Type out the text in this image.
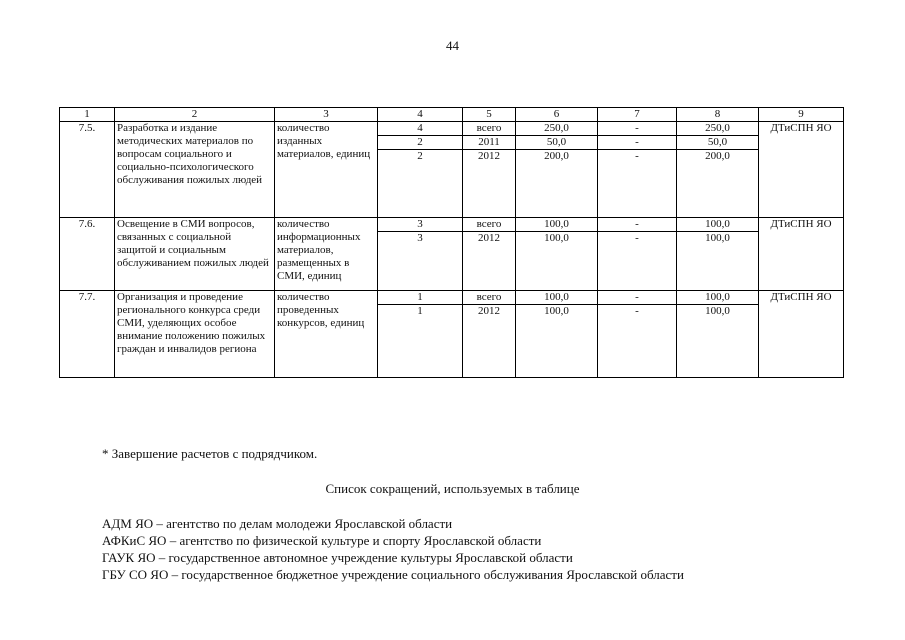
44
1	2	3	4	5	6	7	8	9
7.5.	Разработка и издание методических материалов по вопросам социального и социально-психологического обслуживания пожилых людей	количество изданных материалов, единиц	4	всего	250,0	-	250,0	ДТиСПН ЯО
			2	2011	50,0	-	50,0	
			2	2012	200,0	-	200,0	
7.6.	Освещение в СМИ вопросов, связанных с социальной защитой и социальным обслуживанием пожилых людей	количество информационных материалов, размещенных в СМИ, единиц	3	всего	100,0	-	100,0	ДТиСПН ЯО
			3	2012	100,0	-	100,0	
7.7.	Организация и проведение регионального конкурса среди СМИ, уделяющих особое внимание положению пожилых граждан и инвалидов региона	количество проведенных конкурсов, единиц	1	всего	100,0	-	100,0	ДТиСПН ЯО
			1	2012	100,0	-	100,0	
* Завершение расчетов с подрядчиком.
Список сокращений, используемых в таблице
АДМ ЯО – агентство по делам молодежи Ярославской области
АФКиС ЯО – агентство по физической культуре и спорту Ярославской области
ГАУК ЯО – государственное автономное учреждение культуры Ярославской области
ГБУ СО ЯО – государственное бюджетное учреждение социального обслуживания Ярославской области
